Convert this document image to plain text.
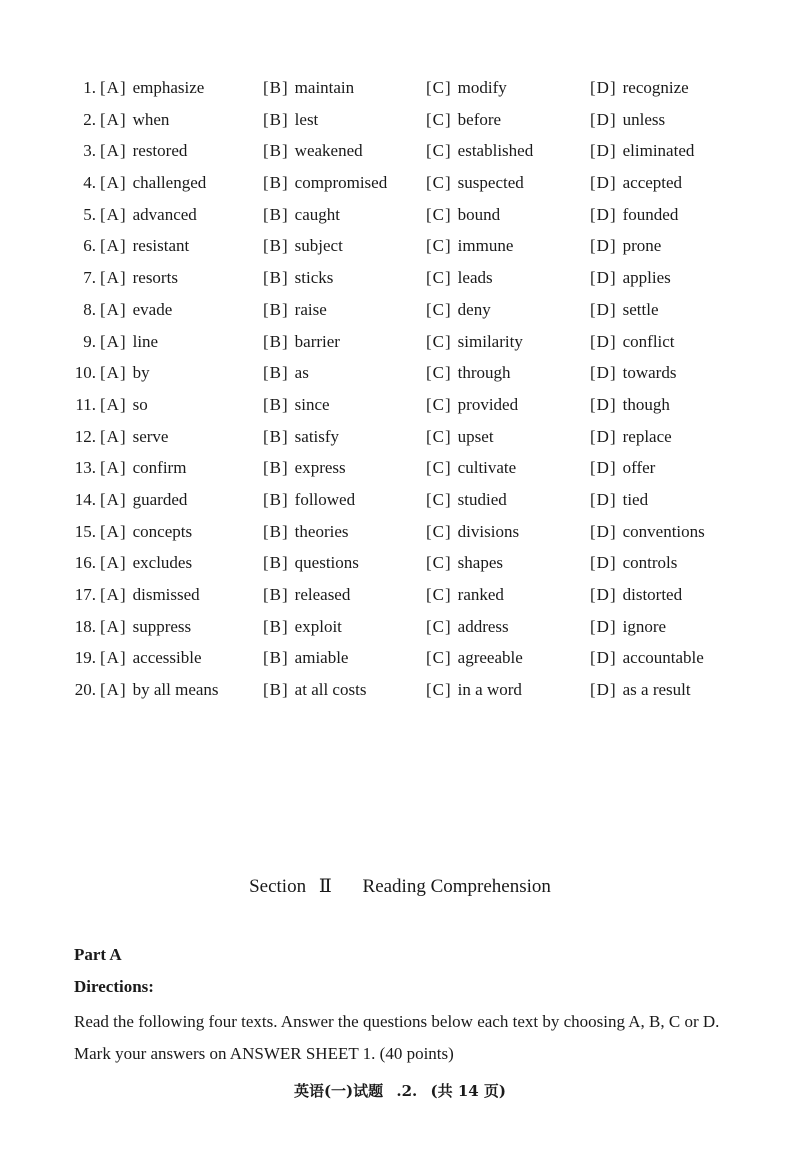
1. [A] emphasize	[B] maintain	[C] modify	[D] recognize
2. [A] when	[B] lest	[C] before	[D] unless
3. [A] restored	[B] weakened	[C] established	[D] eliminated
4. [A] challenged	[B] compromised [C] suspected	[D] accepted
5. [A] advanced	[B] caught	[C] bound	[D] founded
6. [A] resistant	[B] subject	[C] immune	[D] prone
7. [A] resorts	[B] sticks	[C] leads	[D] applies
8. [A] evade	[B] raise	[C] deny	[D] settle
9. [A] line	[B] barrier	[C] similarity	[D] conflict
10. [A] by	[B] as	[C] through	[D] towards
11. [A] so	[B] since	[C] provided	[D] though
12. [A] serve	[B] satisfy	[C] upset	[D] replace
13. [A] confirm	[B] express	[C] cultivate	[D] offer
14. [A] guarded	[B] followed	[C] studied	[D] tied
15. [A] concepts	[B] theories	[C] divisions	[D] conventions
16. [A] excludes	[B] questions	[C] shapes	[D] controls
17. [A] dismissed	[B] released	[C] ranked	[D] distorted
18. [A] suppress	[B] exploit	[C] address	[D] ignore
19. [A] accessible	[B] amiable	[C] agreeable	[D] accountable
20. [A] by all means	[B] at all costs	[C] in a word	[D] as a result
Section Ⅱ Reading Comprehension
Part A
Directions:
Read the following four texts. Answer the questions below each text by choosing A, B, C or D. Mark your answers on ANSWER SHEET 1. (40 points)
英语(一)试题 .2. (共 14 页)
